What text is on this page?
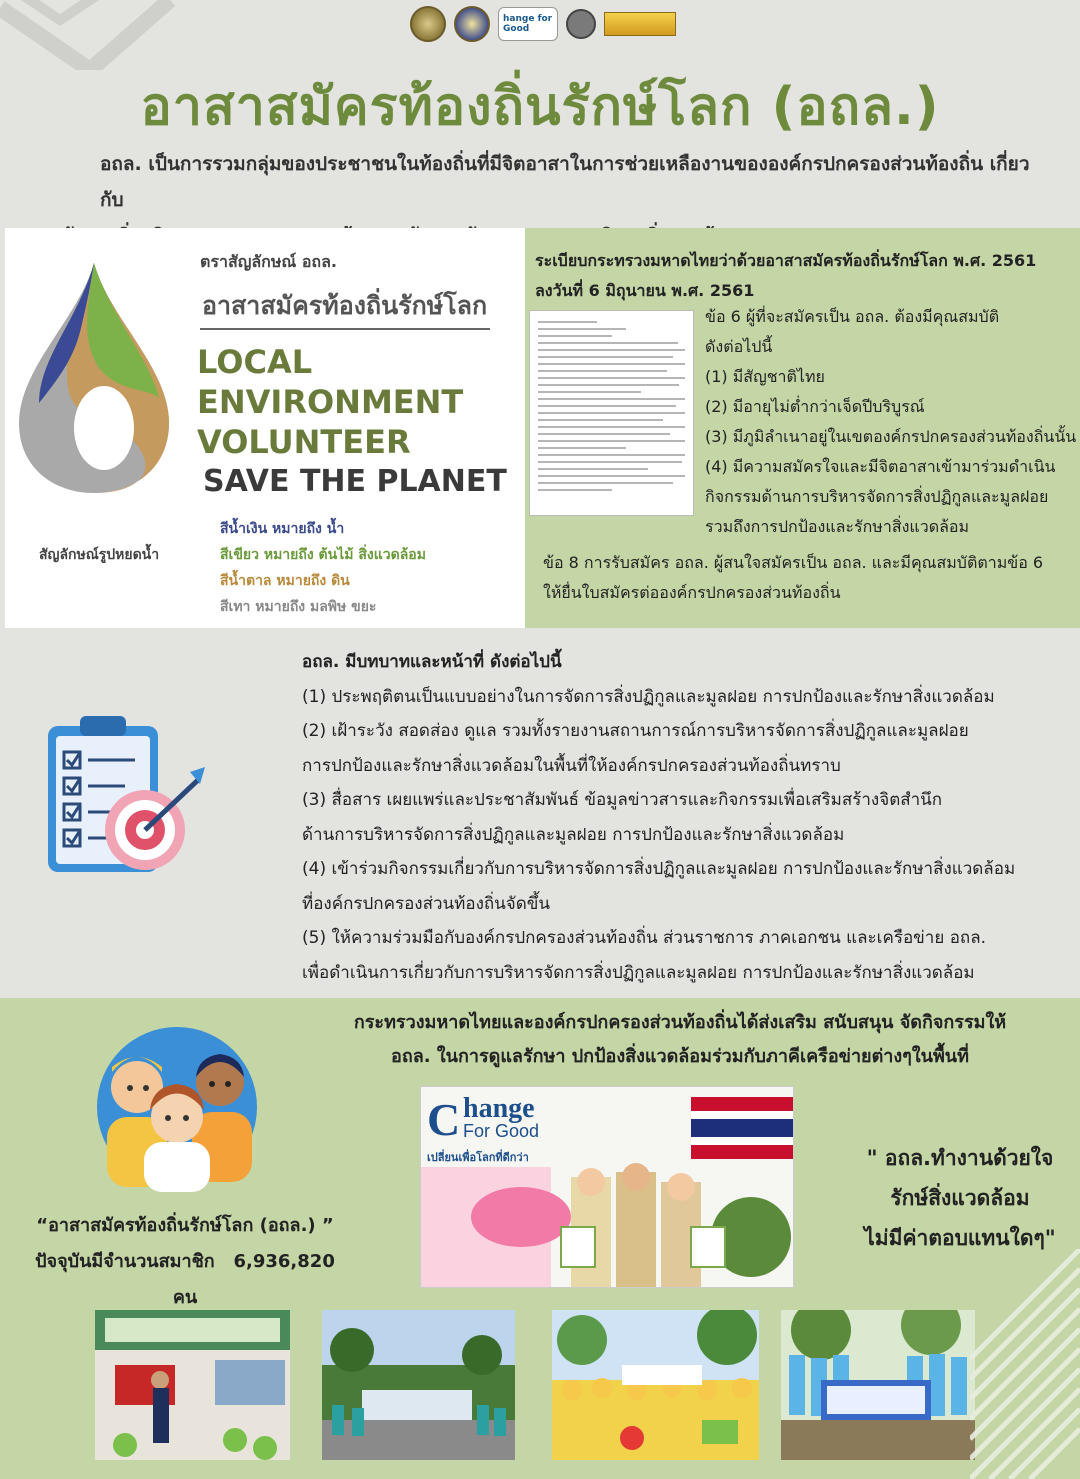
hange for Good
อาสาสมัครท้องถิ่นรักษ์โลก (อถล.)
อถล. เป็นการรวมกลุ่มของประชาชนในท้องถิ่นที่มีจิตอาสาในการช่วยเหลืองานขององค์กรปกครองส่วนท้องถิ่น เกี่ยวกับ
สัญลักษณ์รูปหยดน้ำ
ตราสัญลักษณ์ อถล.
อาสาสมัครท้องถิ่นรักษ์โลก
LOCAL
ENVIRONMENT
VOLUNTEER
SAVE THE PLANET
สีน้ำเงิน หมายถึง น้ำ
สีเขียว หมายถึง ต้นไม้ สิ่งแวดล้อม
สีน้ำตาล หมายถึง ดิน
สีเทา หมายถึง มลพิษ ขยะ
ระเบียบกระทรวงมหาดไทยว่าด้วยอาสาสมัครท้องถิ่นรักษ์โลก พ.ศ. 2561
ลงวันที่ 6 มิถุนายน พ.ศ. 2561
ข้อ 6 ผู้ที่จะสมัครเป็น อถล. ต้องมีคุณสมบัติ
ดังต่อไปนี้
(1) มีสัญชาติไทย
(2) มีอายุไม่ต่ำกว่าเจ็ดปีบริบูรณ์
(3) มีภูมิลำเนาอยู่ในเขตองค์กรปกครองส่วนท้องถิ่นนั้น
(4) มีความสมัครใจและมีจิตอาสาเข้ามาร่วมดำเนิน
กิจกรรมด้านการบริหารจัดการสิ่งปฏิกูลและมูลฝอย
รวมถึงการปกป้องและรักษาสิ่งแวดล้อม
ข้อ 8 การรับสมัคร อถล. ผู้สนใจสมัครเป็น อถล. และมีคุณสมบัติตามข้อ 6
ให้ยื่นใบสมัครต่อองค์กรปกครองส่วนท้องถิ่น
อถล. มีบทบาทและหน้าที่ ดังต่อไปนี้
(1) ประพฤติตนเป็นแบบอย่างในการจัดการสิ่งปฏิกูลและมูลฝอย การปกป้องและรักษาสิ่งแวดล้อม
(2) เฝ้าระวัง สอดส่อง ดูแล รวมทั้งรายงานสถานการณ์การบริหารจัดการสิ่งปฏิกูลและมูลฝอย
การปกป้องและรักษาสิ่งแวดล้อมในพื้นที่ให้องค์กรปกครองส่วนท้องถิ่นทราบ
(3) สื่อสาร เผยแพร่และประชาสัมพันธ์ ข้อมูลข่าวสารและกิจกรรมเพื่อเสริมสร้างจิตสำนึก
ด้านการบริหารจัดการสิ่งปฏิกูลและมูลฝอย การปกป้องและรักษาสิ่งแวดล้อม
(4) เข้าร่วมกิจกรรมเกี่ยวกับการบริหารจัดการสิ่งปฏิกูลและมูลฝอย การปกป้องและรักษาสิ่งแวดล้อม
ที่องค์กรปกครองส่วนท้องถิ่นจัดขึ้น
(5) ให้ความร่วมมือกับองค์กรปกครองส่วนท้องถิ่น ส่วนราชการ ภาคเอกชน และเครือข่าย อถล.
เพื่อดำเนินการเกี่ยวกับการบริหารจัดการสิ่งปฏิกูลและมูลฝอย การปกป้องและรักษาสิ่งแวดล้อม
กระทรวงมหาดไทยและองค์กรปกครองส่วนท้องถิ่นได้ส่งเสริม สนับสนุน จัดกิจกรรมให้
อถล. ในการดูแลรักษา ปกป้องสิ่งแวดล้อมร่วมกับภาคีเครือข่ายต่างๆในพื้นที่
“อาสาสมัครท้องถิ่นรักษ์โลก (อถล.) ”
ปัจจุบันมีจำนวนสมาชิก 6,936,820 คน
C hange
For Good
เปลี่ยนเพื่อโลกที่ดีกว่า	" อถล.ทำงานด้วยใจ
รักษ์สิ่งแวดล้อม
ไม่มีค่าตอบแทนใดๆ"
